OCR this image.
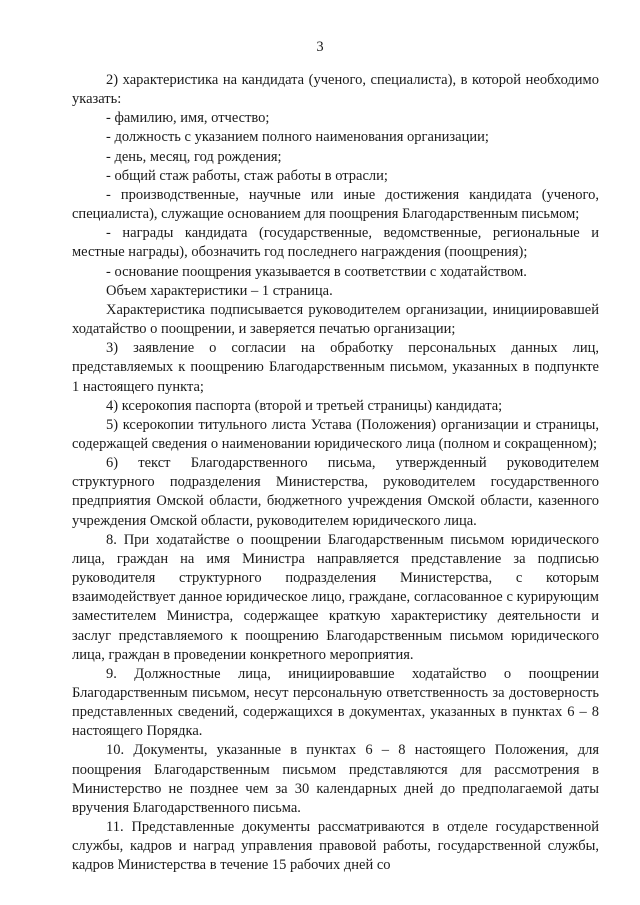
3

2) характеристика на кандидата (ученого, специалиста), в которой необходимо указать:

- фамилию, имя, отчество;

- должность с указанием полного наименования организации;

- день, месяц, год рождения;

- общий стаж работы, стаж работы в отрасли;

- производственные, научные или иные достижения кандидата (ученого, специалиста), служащие основанием для поощрения Благодарственным письмом;

- награды кандидата (государственные, ведомственные, региональные и местные награды), обозначить год последнего награждения (поощрения);

- основание поощрения указывается в соответствии с ходатайством.

Объем характеристики – 1 страница.

Характеристика подписывается руководителем организации, инициировавшей ходатайство о поощрении, и заверяется печатью организации;

3) заявление о согласии на обработку персональных данных лиц, представляемых к поощрению Благодарственным письмом, указанных в подпункте 1 настоящего пункта;

4) ксерокопия паспорта (второй и третьей страницы) кандидата;

5) ксерокопии титульного листа Устава (Положения) организации и страницы, содержащей сведения о наименовании юридического лица (полном и сокращенном);

6) текст Благодарственного письма, утвержденный руководителем структурного подразделения Министерства, руководителем государственного предприятия Омской области, бюджетного учреждения Омской области, казенного учреждения Омской области, руководителем юридического лица.

8. При ходатайстве о поощрении Благодарственным письмом юридического лица, граждан на имя Министра направляется представление за подписью руководителя структурного подразделения Министерства, с которым взаимодействует данное юридическое лицо, граждане, согласованное с курирующим заместителем Министра, содержащее краткую характеристику деятельности и заслуг представляемого к поощрению Благодарственным письмом юридического лица, граждан в проведении конкретного мероприятия.

9. Должностные лица, инициировавшие ходатайство о поощрении Благодарственным письмом, несут персональную ответственность за достоверность представленных сведений, содержащихся в документах, указанных в пунктах 6 – 8 настоящего Порядка.

10. Документы, указанные в пунктах 6 – 8 настоящего Положения, для поощрения Благодарственным письмом представляются для рассмотрения в Министерство не позднее чем за 30 календарных дней до предполагаемой даты вручения Благодарственного письма.

11. Представленные документы рассматриваются в отделе государственной службы, кадров и наград управления правовой работы, государственной службы, кадров Министерства в течение 15 рабочих дней со
